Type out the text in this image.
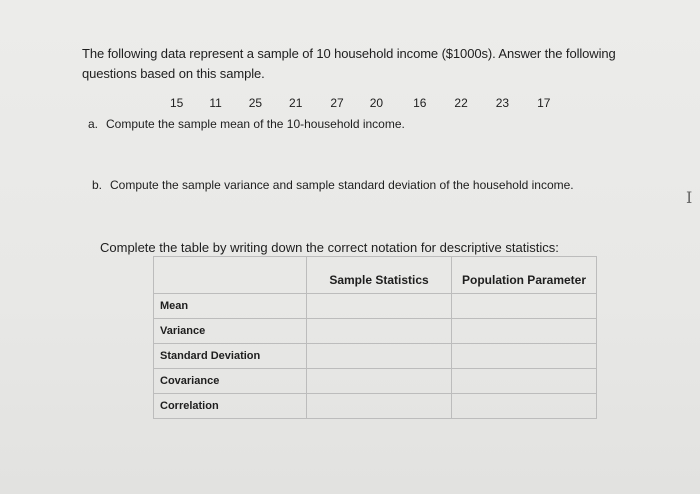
The following data represent a sample of 10 household income ($1000s). Answer the following
questions based on this sample.
15 11 25 21 27 20 16 22 23 17
a. Compute the sample mean of the 10-household income.
b. Compute the sample variance and sample standard deviation of the household income.
I
Complete the table by writing down the correct notation for descriptive statistics:
	Sample Statistics	Population Parameter
Mean		
Variance		
Standard Deviation		
Covariance		
Correlation		
